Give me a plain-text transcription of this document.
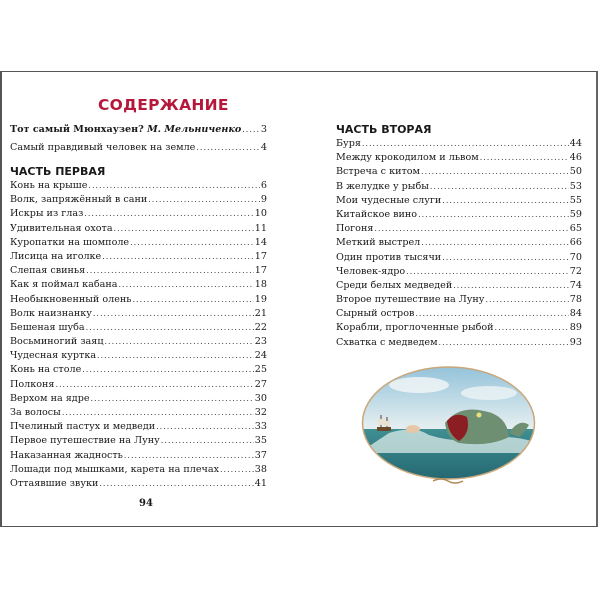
СОДЕРЖАНИЕ
Тот самый Мюнхаузен? М. Мельниченко ..... 3
Самый правдивый человек на земле .....	4
ЧАСТЬ ПЕРВАЯ
Конь на крыше .....	6
Волк, запряжённый в сани .....	9
Искры из глаз .....	10
Удивительная охота .....	11
Куропатки на шомполе .....	14
Лисица на иголке .....	17
Слепая свинья .....	17
Как я поймал кабана .....	18
Необыкновенный олень .....	19
Волк наизнанку .....	21
Бешеная шуба .....	22
Восьминогий заяц .....	23
Чудесная куртка .....	24
Конь на столе .....	25
Полконя .....	27
Верхом на ядре .....	30
За волосы .....	32
Пчелиный пастух и медведи .....	33
Первое путешествие на Луну .....	35
Наказанная жадность .....	37
Лошади под мышками, карета на плечах .....	38
Оттаявшие звуки .....	41
94
ЧАСТЬ ВТОРАЯ
Буря .....	44
Между крокодилом и львом .....	46
Встреча с китом .....	50
В желудке у рыбы .....	53
Мои чудесные слуги .....	55
Китайское вино .....	59
Погоня .....	65
Меткий выстрел .....	66
Один против тысячи .....	70
Человек-ядро .....	72
Среди белых медведей .....	74
Второе путешествие на Луну .....	78
Сырный остров .....	84
Корабли, проглоченные рыбой .....	89
Схватка с медведем .....	93
